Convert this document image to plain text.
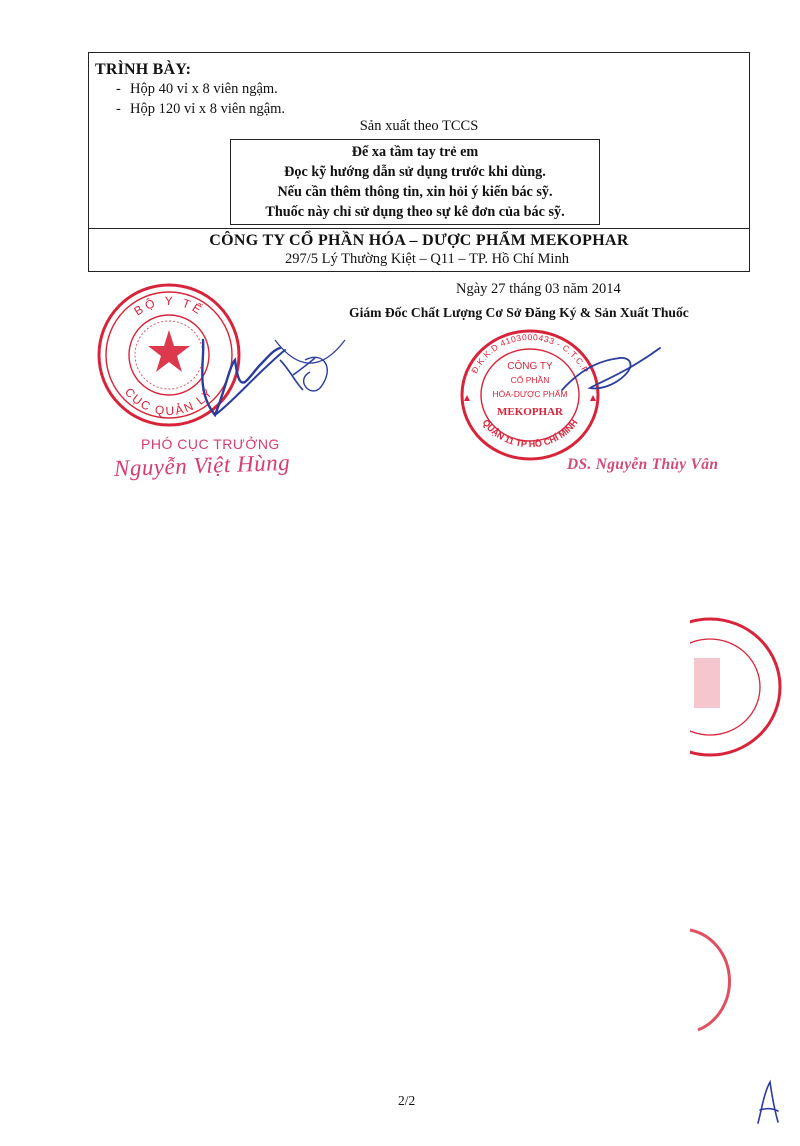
TRÌNH BÀY:
- Hộp 40 vỉ x 8 viên ngậm.
- Hộp 120 vỉ x 8 viên ngậm.
Sản xuất theo TCCS
Để xa tầm tay trẻ em
Đọc kỹ hướng dẫn sử dụng trước khi dùng.
Nếu cần thêm thông tin, xin hỏi ý kiến bác sỹ.
Thuốc này chỉ sử dụng theo sự kê đơn của bác sỹ.
CÔNG TY CỔ PHẦN HÓA – DƯỢC PHẨM MEKOPHAR
297/5 Lý Thường Kiệt – Q11 – TP. Hồ Chí Minh
Ngày 27 tháng 03 năm 2014
Giám Đốc Chất Lượng Cơ Sở Đăng Ký & Sản Xuất Thuốc
BỘ Y TẾ
CỤC QUẢN LÝ
PHÓ CỤC TRƯỞNG
Nguyễn Việt Hùng
Đ.K.K.D 4103000433 - C.T.C.P
QUẬN 11 TP HỒ CHÍ MINH
CÔNG TY
CỔ PHẦN
HÓA-DƯỢC PHẨM
MEKOPHAR
DS. Nguyễn Thùy Vân
2/2
